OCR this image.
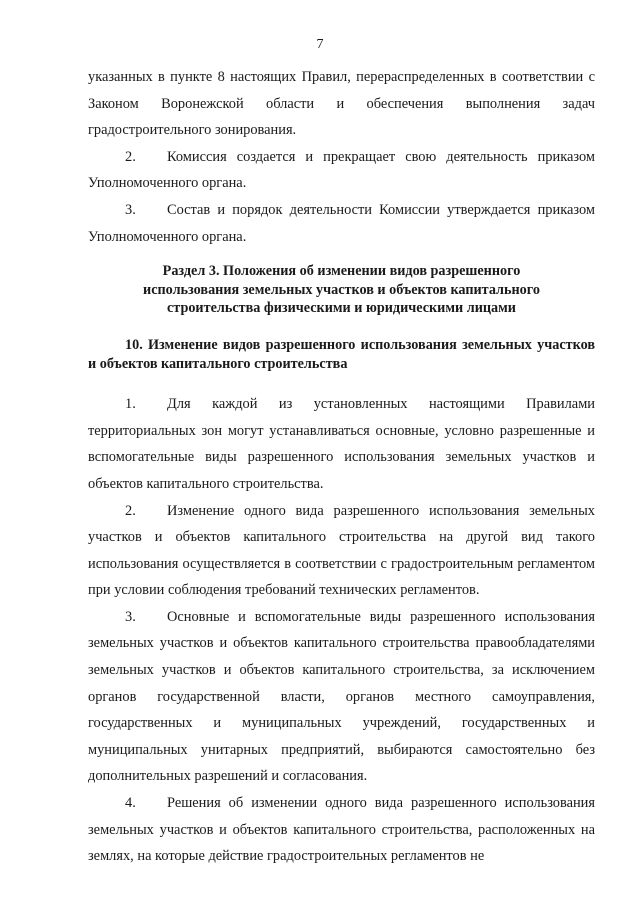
7

указанных в пункте 8 настоящих Правил, перераспределенных в соответствии с Законом Воронежской области и обеспечения выполнения задач градостроительного зонирования.

2. Комиссия создается и прекращает свою деятельность приказом Уполномоченного органа.

3. Состав и порядок деятельности Комиссии утверждается приказом Уполномоченного органа.

Раздел 3. Положения об изменении видов разрешенного
использования земельных участков и объектов капитального
строительства физическими и юридическими лицами

10. Изменение видов разрешенного использования земельных участков и объектов капитального строительства

1. Для каждой из установленных настоящими Правилами территориальных зон могут устанавливаться основные, условно разрешенные и вспомогательные виды разрешенного использования земельных участков и объектов капитального строительства.

2. Изменение одного вида разрешенного использования земельных участков и объектов капитального строительства на другой вид такого использования осуществляется в соответствии с градостроительным регламентом при условии соблюдения требований технических регламентов.

3. Основные и вспомогательные виды разрешенного использования земельных участков и объектов капитального строительства правообладателями земельных участков и объектов капитального строительства, за исключением органов государственной власти, органов местного самоуправления, государственных и муниципальных учреждений, государственных и муниципальных унитарных предприятий, выбираются самостоятельно без дополнительных разрешений и согласования.

4. Решения об изменении одного вида разрешенного использования земельных участков и объектов капитального строительства, расположенных на землях, на которые действие градостроительных регламентов не
